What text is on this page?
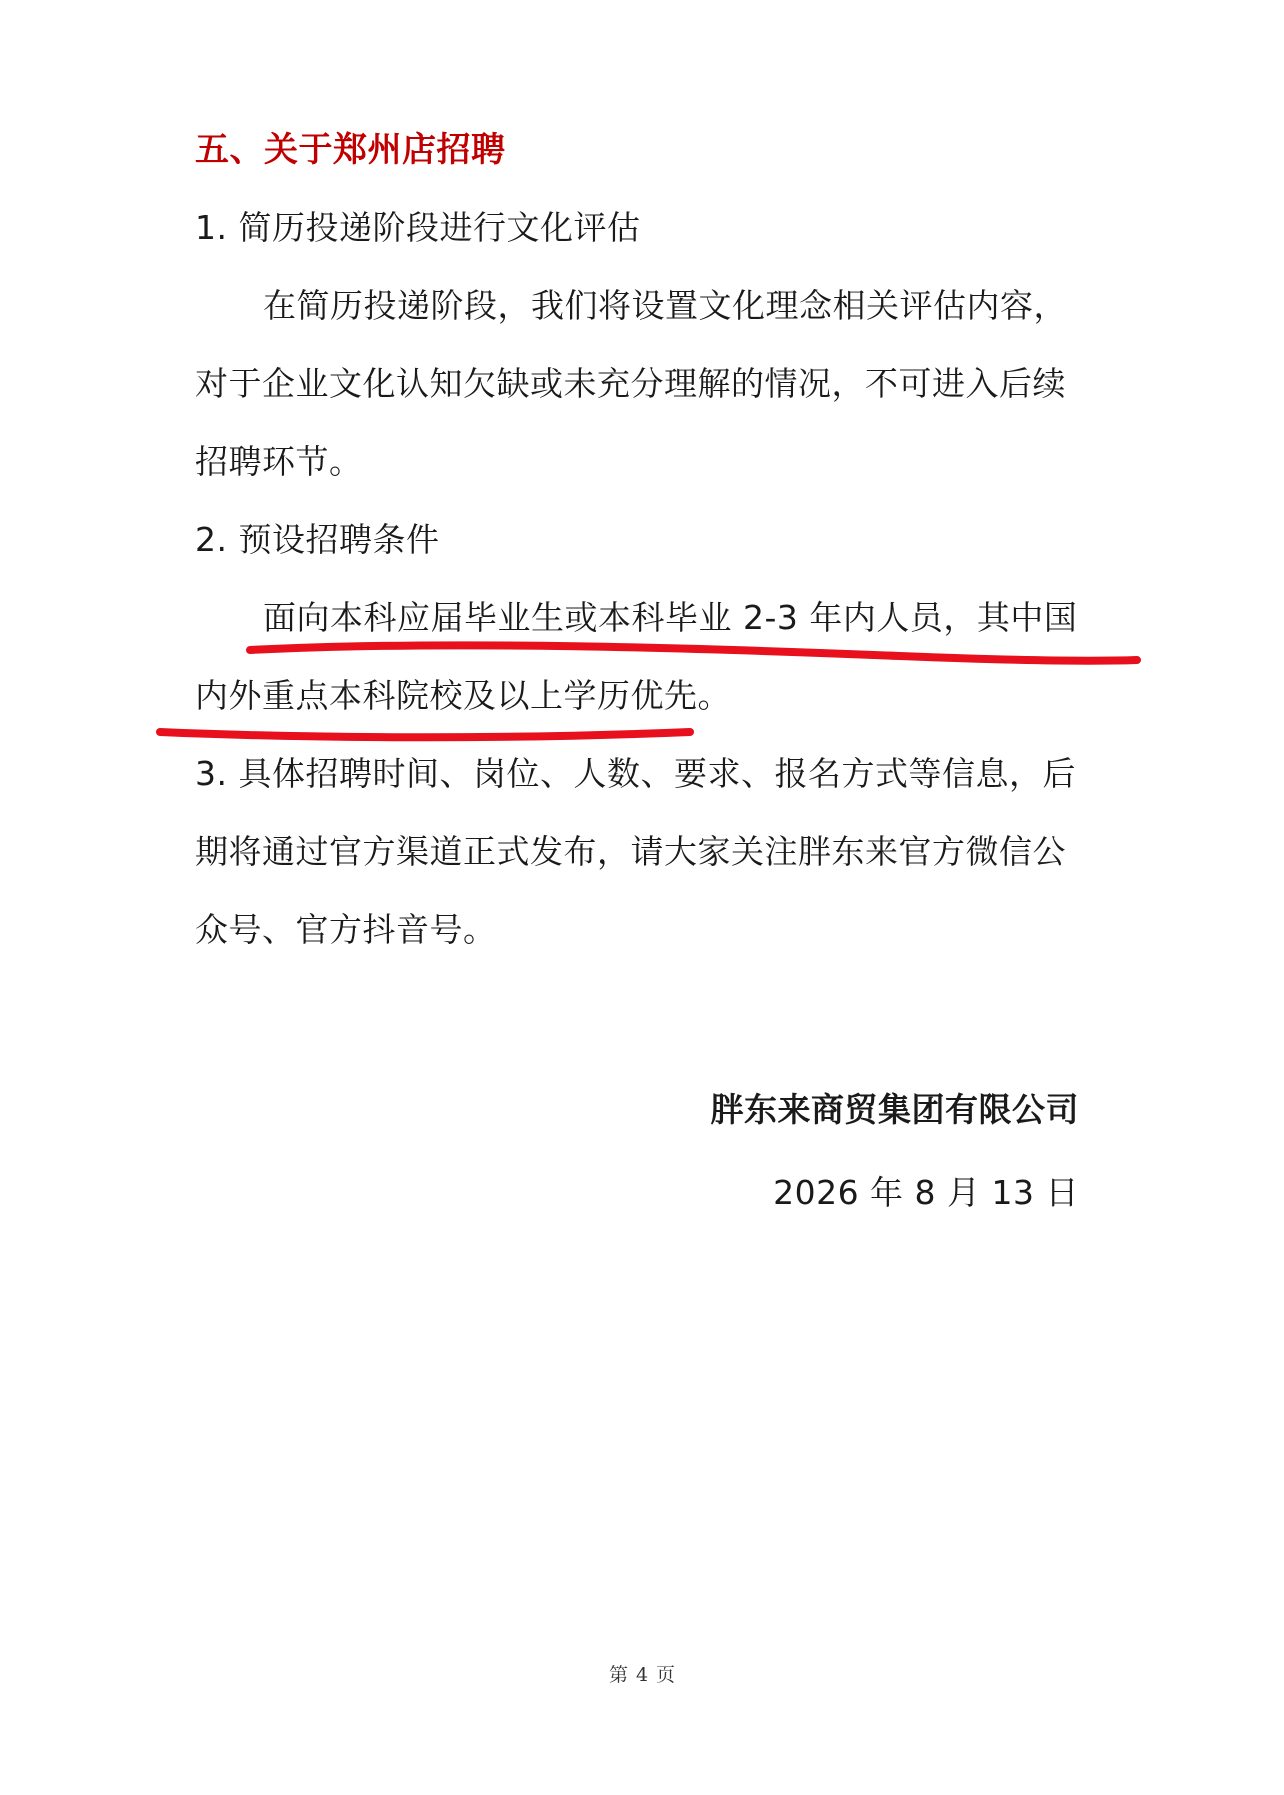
五、关于郑州店招聘
1. 简历投递阶段进行文化评估
在简历投递阶段，我们将设置文化理念相关评估内容，
对于企业文化认知欠缺或未充分理解的情况，不可进入后续
招聘环节。
2. 预设招聘条件
面向本科应届毕业生或本科毕业 2-3 年内人员，其中国
内外重点本科院校及以上学历优先。
3. 具体招聘时间、岗位、人数、要求、报名方式等信息，后
期将通过官方渠道正式发布，请大家关注胖东来官方微信公
众号、官方抖音号。
胖东来商贸集团有限公司
2026 年 8 月 13 日
第 4 页
